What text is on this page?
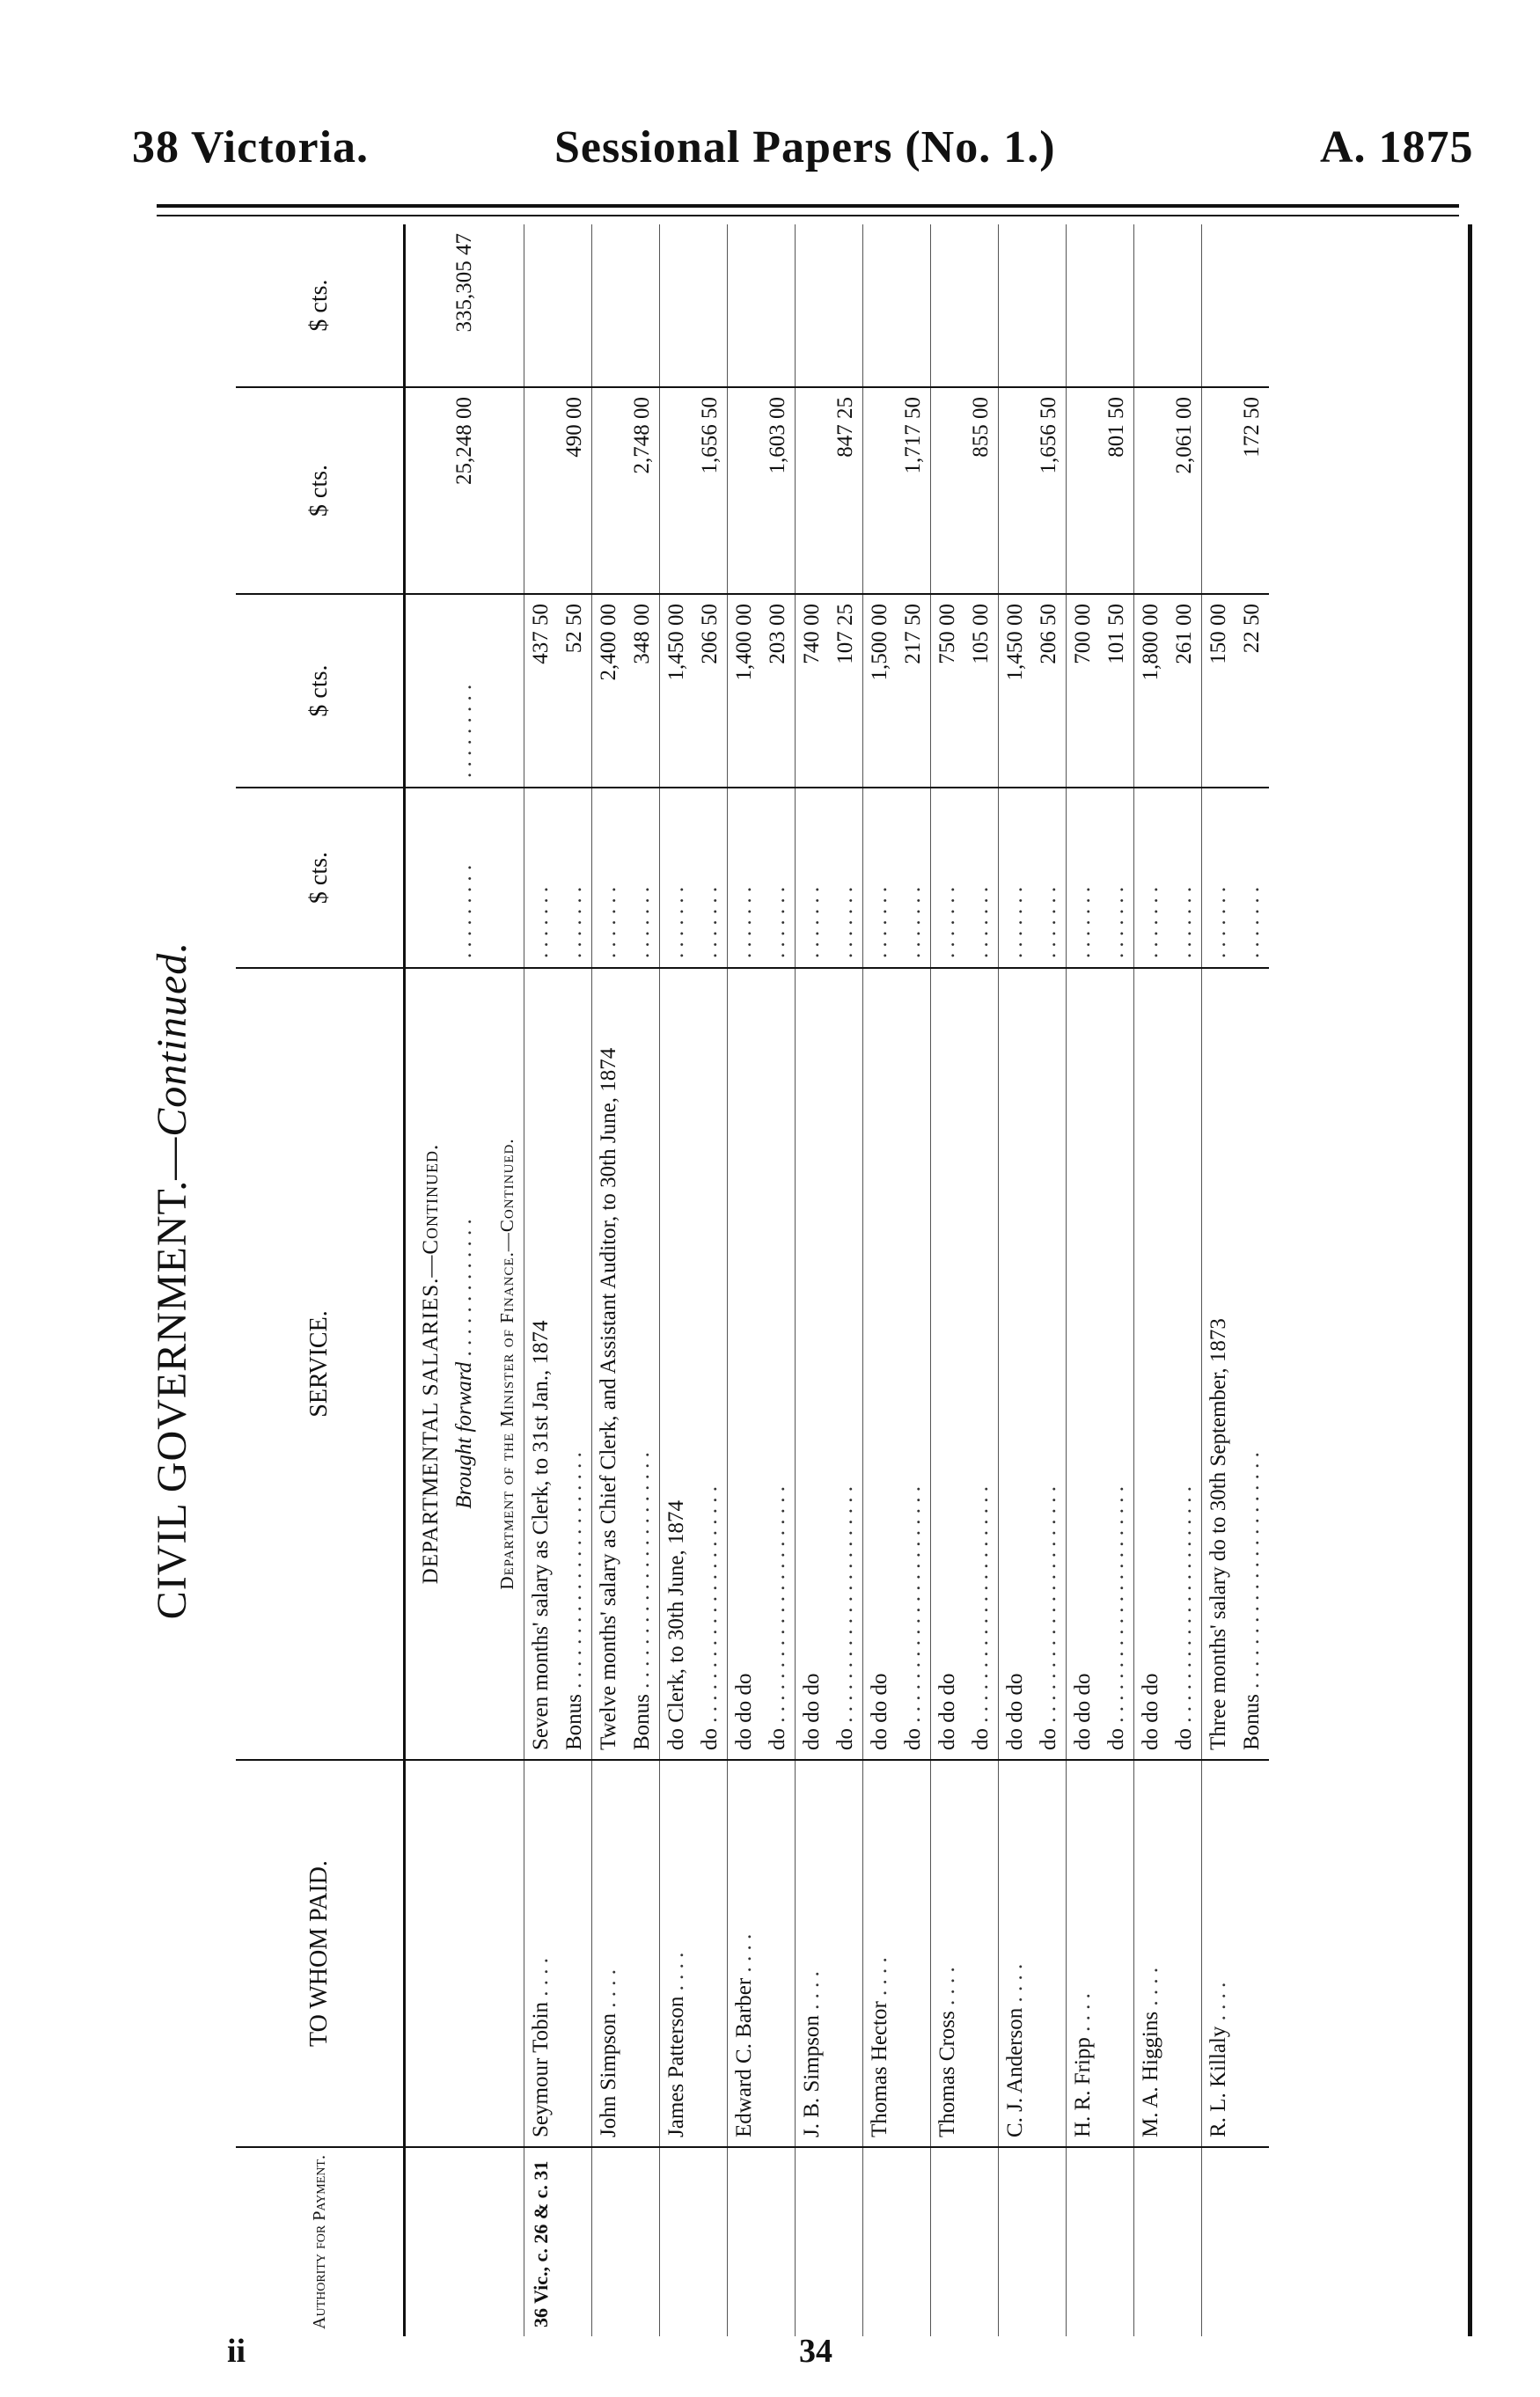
38 Victoria.	Sessional Papers (No. 1.)	A. 1875
CIVIL GOVERNMENT.—Continued.
Authority for Payment.	TO WHOM PAID.	SERVICE.	$ cts.	$ cts.	$ cts.	$ cts.
		DEPARTMENTAL SALARIES.—Continued.				
		Brought forward . . . . . . . . . . . . .	. . . . . . . . .	. . . . . . . . .	25,248 00	335,305 47
		Department of the Minister of Finance.—Continued.				
36 Vic., c. 26 & c. 31	Seymour Tobin . . . .	Seven months' salary as Clerk, to 31st Jan., 1874	. . . . . . .	437 50		
		Bonus . . . . . . . . . . . . . . . . . . . . . .	. . . . . . .	52 50	490 00	
	John Simpson . . . .	Twelve months' salary as Chief Clerk, and Assistant Auditor, to 30th June, 1874	. . . . . . .	2,400 00		
		Bonus . . . . . . . . . . . . . . . . . . . . . .	. . . . . . .	348 00	2,748 00	
	James Patterson . . . .	do Clerk, to 30th June, 1874	. . . . . . .	1,450 00		
		do . . . . . . . . . . . . . . . . . . . . . .	. . . . . . .	206 50	1,656 50	
	Edward C. Barber . . . .	do do do	. . . . . . .	1,400 00		
		do . . . . . . . . . . . . . . . . . . . . . .	. . . . . . .	203 00	1,603 00	
	J. B. Simpson . . . .	do do do	. . . . . . .	740 00		
		do . . . . . . . . . . . . . . . . . . . . . .	. . . . . . .	107 25	847 25	
	Thomas Hector . . . .	do do do	. . . . . . .	1,500 00		
		do . . . . . . . . . . . . . . . . . . . . . .	. . . . . . .	217 50	1,717 50	
	Thomas Cross . . . .	do do do	. . . . . . .	750 00		
		do . . . . . . . . . . . . . . . . . . . . . .	. . . . . . .	105 00	855 00	
	C. J. Anderson . . . .	do do do	. . . . . . .	1,450 00		
		do . . . . . . . . . . . . . . . . . . . . . .	. . . . . . .	206 50	1,656 50	
	H. R. Fripp . . . .	do do do	. . . . . . .	700 00		
		do . . . . . . . . . . . . . . . . . . . . . .	. . . . . . .	101 50	801 50	
	M. A. Higgins . . . .	do do do	. . . . . . .	1,800 00		
		do . . . . . . . . . . . . . . . . . . . . . .	. . . . . . .	261 00	2,061 00	
	R. L. Killaly . . . .	Three months' salary do to 30th September, 1873	. . . . . . .	150 00		
		Bonus . . . . . . . . . . . . . . . . . . . . . .	. . . . . . .	22 50	172 50	
ii	34
